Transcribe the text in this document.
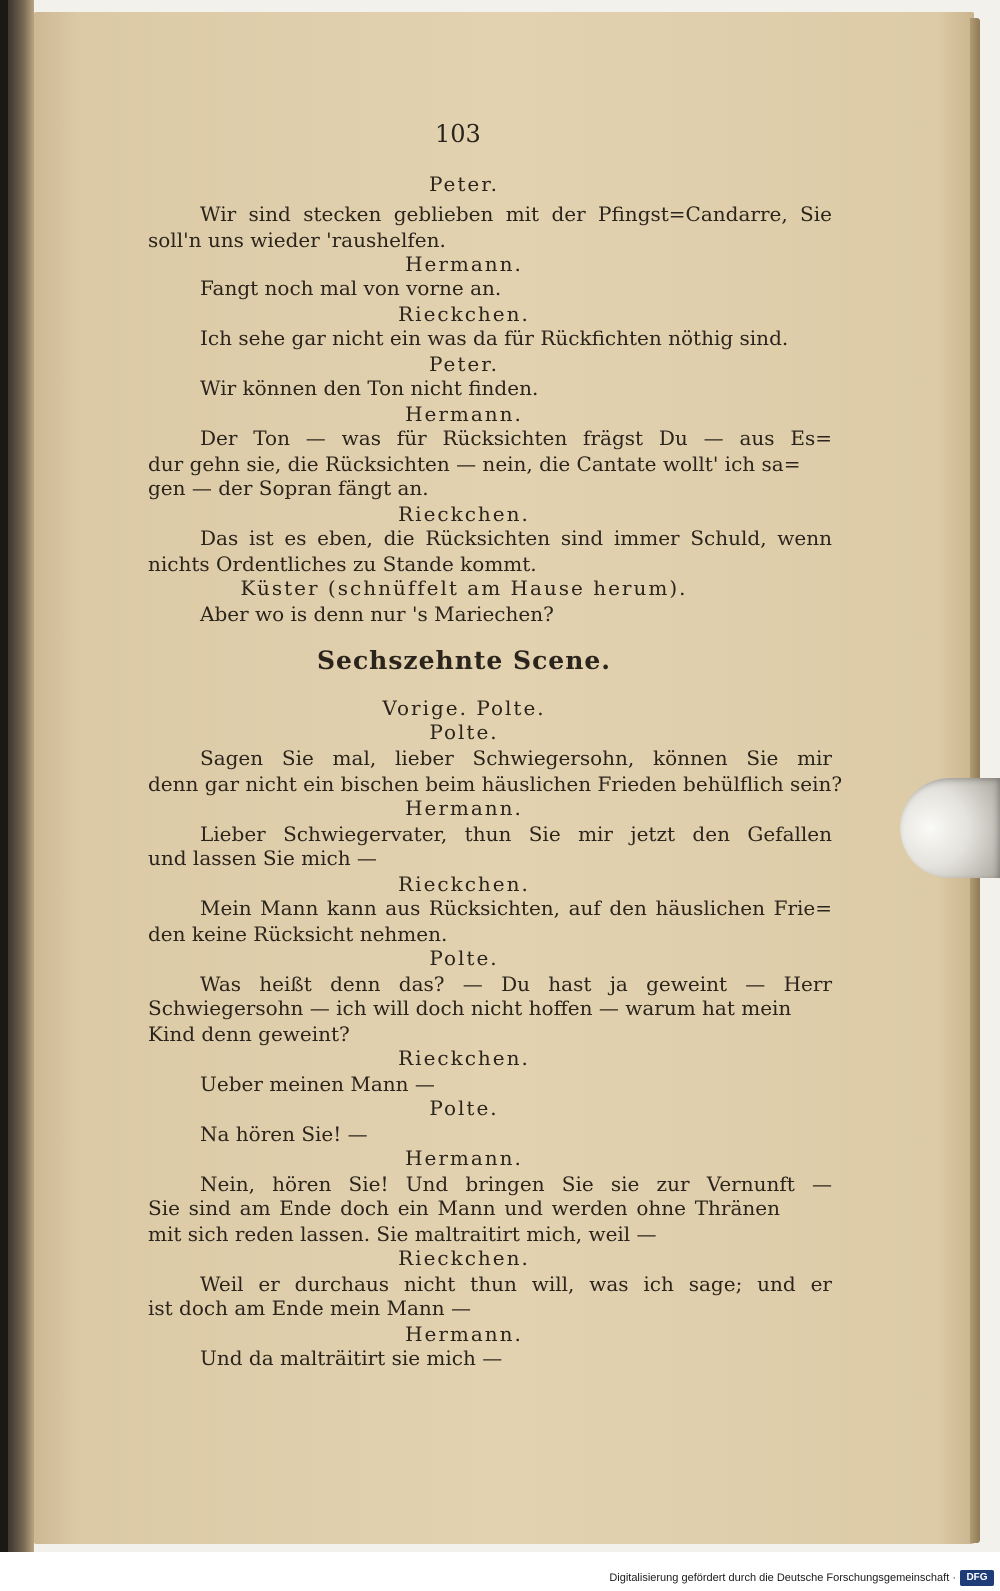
103
Peter.
Wir sind stecken geblieben mit der Pfingst=Candarre, Sie
soll'n uns wieder 'raushelfen.
Hermann.
Fangt noch mal von vorne an.
Rieckchen.
Ich sehe gar nicht ein was da für Rückfichten nöthig sind.
Peter.
Wir können den Ton nicht finden.
Hermann.
Der Ton — was für Rücksichten frägst Du — aus Es=
dur gehn sie, die Rücksichten — nein, die Cantate wollt' ich sa=
gen — der Sopran fängt an.
Rieckchen.
Das ist es eben, die Rücksichten sind immer Schuld, wenn
nichts Ordentliches zu Stande kommt.
Küster (schnüffelt am Hause herum).
Aber wo is denn nur 's Mariechen?
Sechszehnte Scene.
Vorige. Polte.
Polte.
Sagen Sie mal, lieber Schwiegersohn, können Sie mir
denn gar nicht ein bischen beim häuslichen Frieden behülflich sein?
Hermann.
Lieber Schwiegervater, thun Sie mir jetzt den Gefallen
und lassen Sie mich —
Rieckchen.
Mein Mann kann aus Rücksichten, auf den häuslichen Frie=
den keine Rücksicht nehmen.
Polte.
Was heißt denn das? — Du hast ja geweint — Herr
Schwiegersohn — ich will doch nicht hoffen — warum hat mein
Kind denn geweint?
Rieckchen.
Ueber meinen Mann —
Polte.
Na hören Sie! —
Hermann.
Nein, hören Sie! Und bringen Sie sie zur Vernunft —
Sie sind am Ende doch ein Mann und werden ohne Thränen
mit sich reden lassen. Sie maltraitirt mich, weil —
Rieckchen.
Weil er durchaus nicht thun will, was ich sage; und er
ist doch am Ende mein Mann —
Hermann.
Und da malträitirt sie mich —
Digitalisierung gefördert durch die Deutsche Forschungsgemeinschaft ·	DFG
